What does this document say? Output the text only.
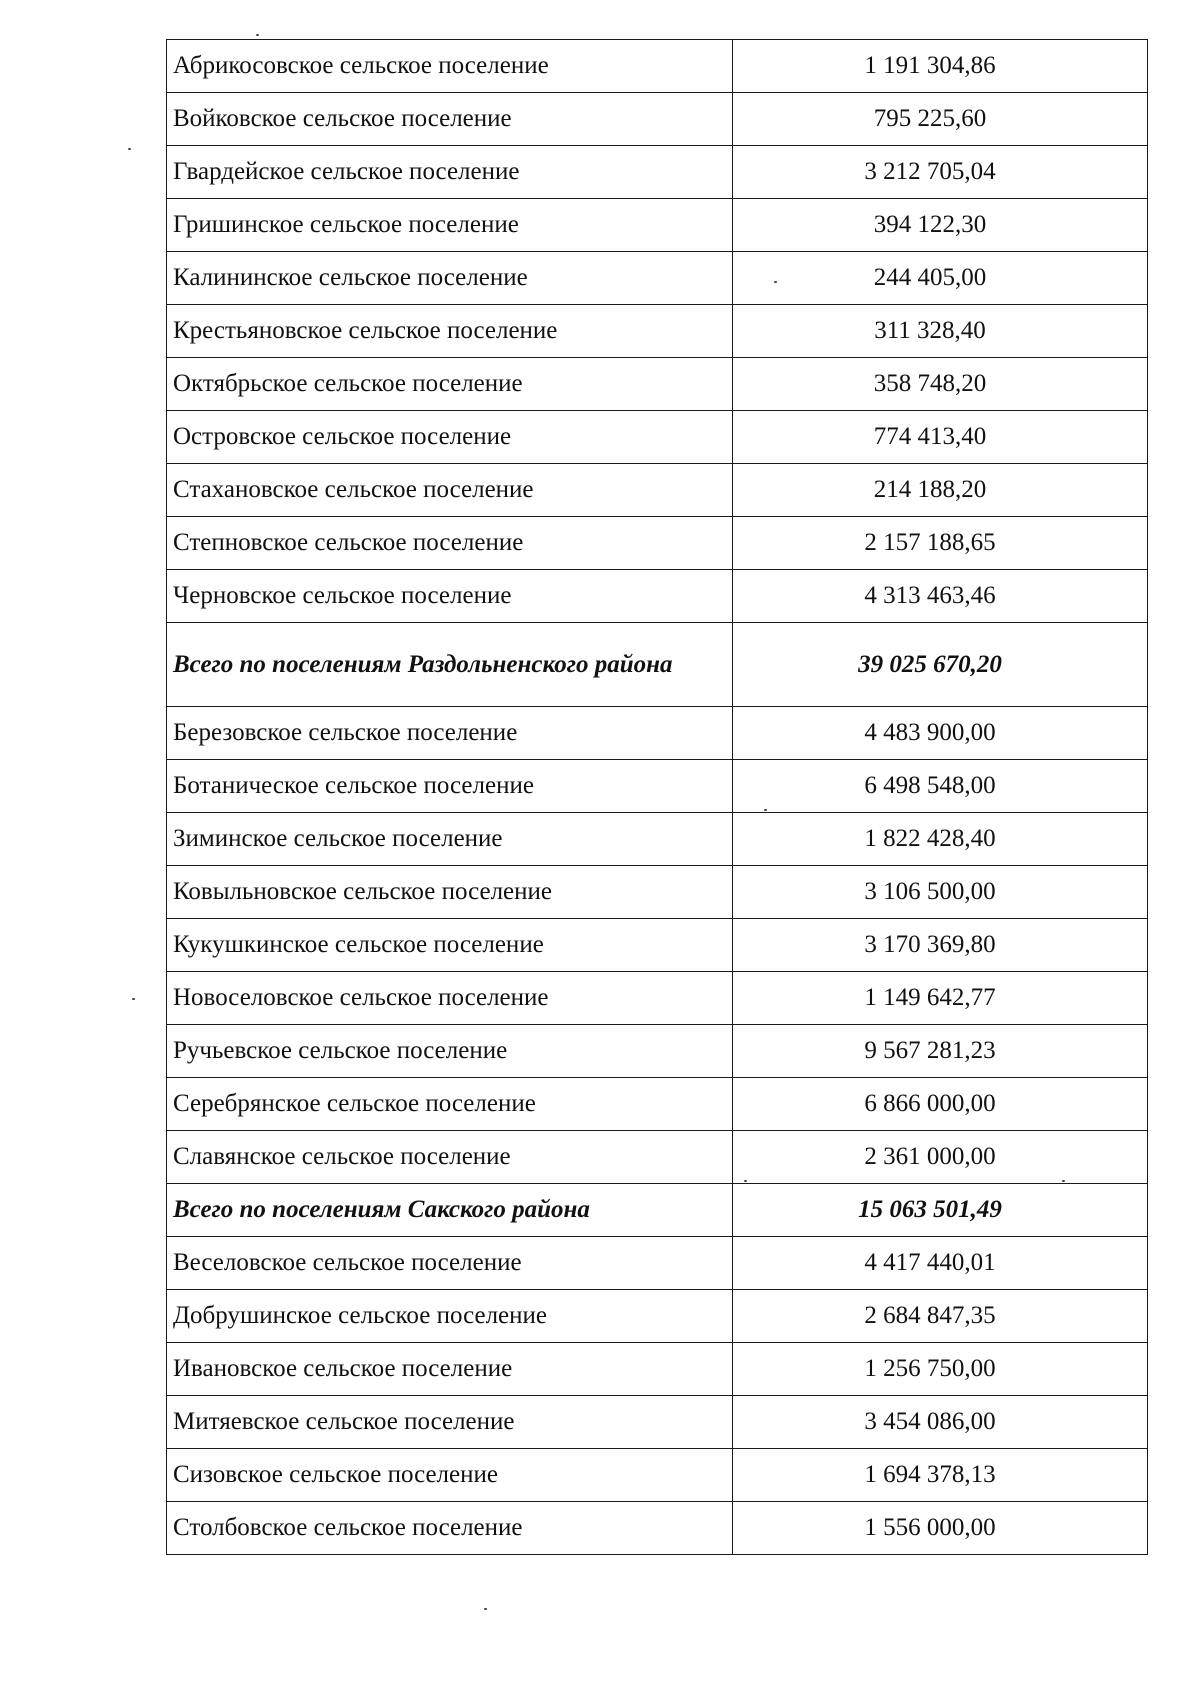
Абрикосовское сельское поселение	1 191 304,86
Войковское сельское поселение	795 225,60
Гвардейское сельское поселение	3 212 705,04
Гришинское сельское поселение	394 122,30
Калининское сельское поселение	244 405,00
Крестьяновское сельское поселение	311 328,40
Октябрьское сельское поселение	358 748,20
Островское сельское поселение	774 413,40
Стахановское сельское поселение	214 188,20
Степновское сельское поселение	2 157 188,65
Черновское сельское поселение	4 313 463,46
Всего по поселениям Раздольненского района	39 025 670,20
Березовское сельское поселение	4 483 900,00
Ботаническое сельское поселение	6 498 548,00
Зиминское сельское поселение	1 822 428,40
Ковыльновское сельское поселение	3 106 500,00
Кукушкинское сельское поселение	3 170 369,80
Новоселовское сельское поселение	1 149 642,77
Ручьевское сельское поселение	9 567 281,23
Серебрянское сельское поселение	6 866 000,00
Славянское сельское поселение	2 361 000,00
Всего по поселениям Сакского района	15 063 501,49
Веселовское сельское поселение	4 417 440,01
Добрушинское сельское поселение	2 684 847,35
Ивановское сельское поселение	1 256 750,00
Митяевское сельское поселение	3 454 086,00
Сизовское сельское поселение	1 694 378,13
Столбовское сельское поселение	1 556 000,00
